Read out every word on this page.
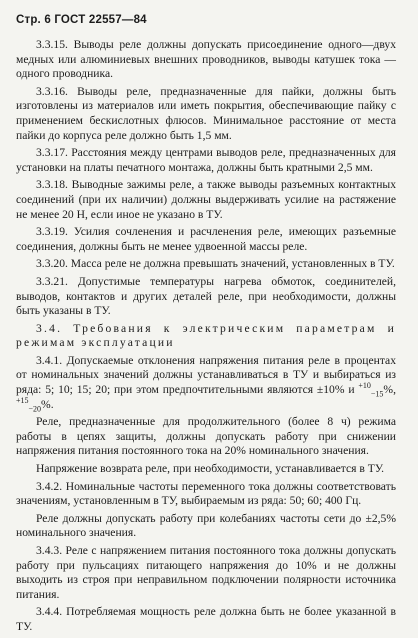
Стр. 6 ГОСТ 22557—84

3.3.15. Выводы реле должны допускать присоединение одного—двух медных или алюминиевых внешних проводников, выводы катушек тока — одного проводника.

3.3.16. Выводы реле, предназначенные для пайки, должны быть изготовлены из материалов или иметь покрытия, обеспечивающие пайку с применением бескислотных флюсов. Минимальное расстояние от места пайки до корпуса реле должно быть 1,5 мм.

3.3.17. Расстояния между центрами выводов реле, предназначенных для установки на платы печатного монтажа, должны быть кратными 2,5 мм.

3.3.18. Выводные зажимы реле, а также выводы разъемных контактных соединений (при их наличии) должны выдерживать усилие на растяжение не менее 20 Н, если иное не указано в ТУ.

3.3.19. Усилия сочленения и расчленения реле, имеющих разъемные соединения, должны быть не менее удвоенной массы реле.

3.3.20. Масса реле не должна превышать значений, установленных в ТУ.

3.3.21. Допустимые температуры нагрева обмоток, соединителей, выводов, контактов и других деталей реле, при необходимости, должны быть указаны в ТУ.

3.4. Требования к электрическим параметрам и режимам эксплуатации

3.4.1. Допускаемые отклонения напряжения питания реле в процентах от номинальных значений должны устанавливаться в ТУ и выбираться из ряда: 5; 10; 15; 20; при этом предпочтительными являются ±10% и $^{+10}_{-15}$%, $^{+15}_{-20}$%.

Реле, предназначенные для продолжительного (более 8 ч) режима работы в цепях защиты, должны допускать работу при снижении напряжения питания постоянного тока на 20% номинального значения.

Напряжение возврата реле, при необходимости, устанавливается в ТУ.

3.4.2. Номинальные частоты переменного тока должны соответствовать значениям, установленным в ТУ, выбираемым из ряда: 50; 60; 400 Гц.

Реле должны допускать работу при колебаниях частоты сети до ±2,5% номинального значения.

3.4.3. Реле с напряжением питания постоянного тока должны допускать работу при пульсациях питающего напряжения до 10% и не должны выходить из строя при неправильном подключении полярности источника питания.

3.4.4. Потребляемая мощность реле должна быть не более указанной в ТУ.
